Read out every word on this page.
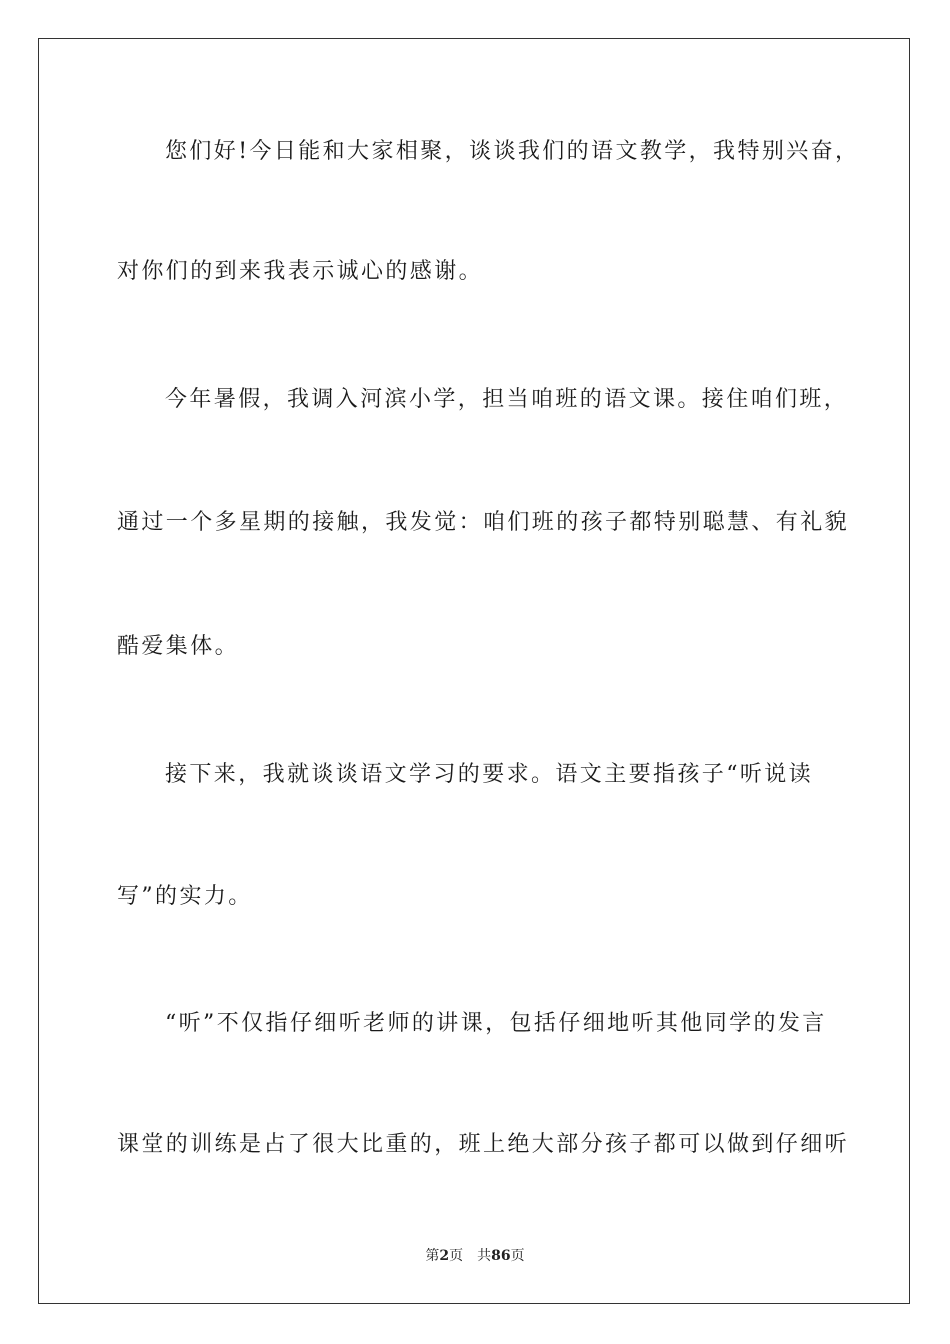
您们好!今日能和大家相聚，谈谈我们的语文教学，我特别兴奋，
对你们的到来我表示诚心的感谢。
今年暑假，我调入河滨小学，担当咱班的语文课。接住咱们班，
通过一个多星期的接触，我发觉：咱们班的孩子都特别聪慧、有礼貌
酷爱集体。
接下来，我就谈谈语文学习的要求。语文主要指孩子“听说读
写”的实力。
“听”不仅指仔细听老师的讲课，包括仔细地听其他同学的发言
课堂的训练是占了很大比重的，班上绝大部分孩子都可以做到仔细听
第2页 共86页
